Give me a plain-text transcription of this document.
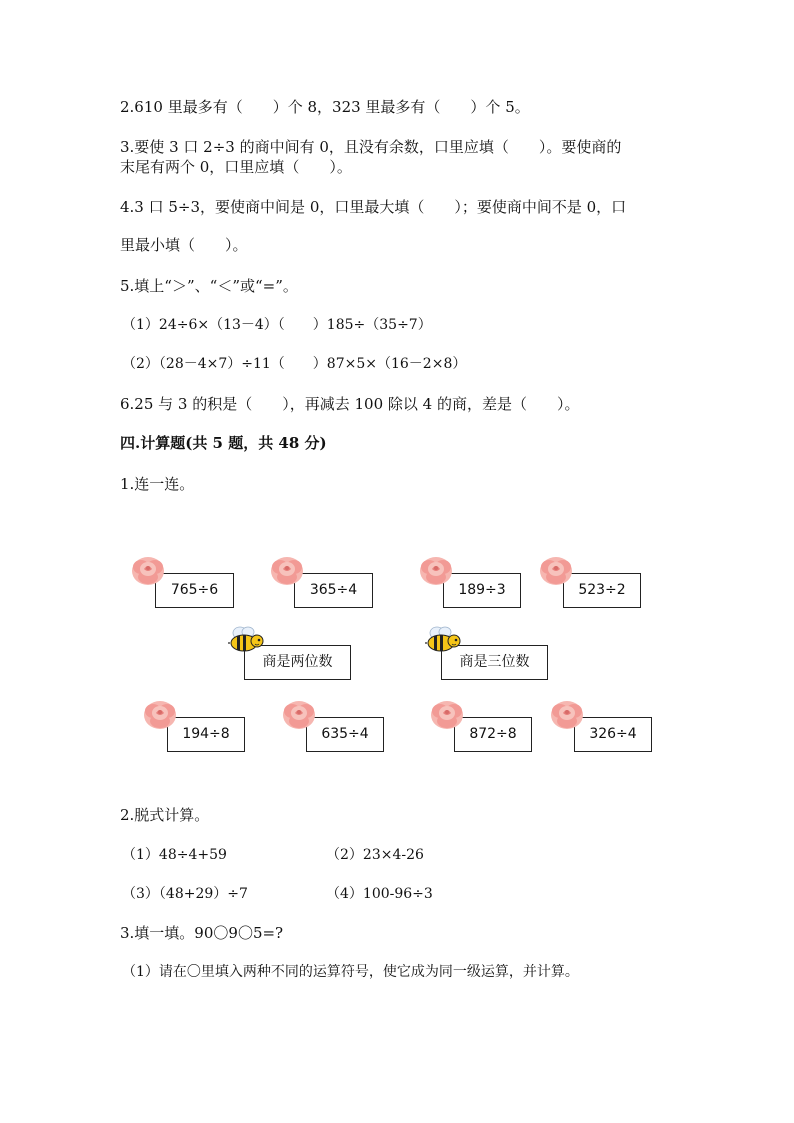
2.610 里最多有（　　）个 8，323 里最多有（　　）个 5。
3.要使 3 口 2÷3 的商中间有 0，且没有余数，口里应填（　　）。要使商的
末尾有两个 0，口里应填（　　）。
4.3 口 5÷3，要使商中间是 0，口里最大填（　　）；要使商中间不是 0，口
里最小填（　　）。
5.填上“＞”、“＜”或“=”。
（1）24÷6×（13－4）（　　）185÷（35÷7）
（2）（28－4×7）÷11（　　）87×5×（16－2×8）
6.25 与 3 的积是（　　），再减去 100 除以 4 的商，差是（　　）。
四.计算题(共 5 题，共 48 分)
1.连一连。
765÷6	365÷4	189÷3	523÷2
商是两位数	商是三位数
194÷8	635÷4	872÷8	326÷4
2.脱式计算。
（1）48÷4+59	（2）23×4-26
（3）（48+29）÷7	（4）100-96÷3
3.填一填。90〇9〇5=?
（1）请在〇里填入两种不同的运算符号，使它成为同一级运算，并计算。
